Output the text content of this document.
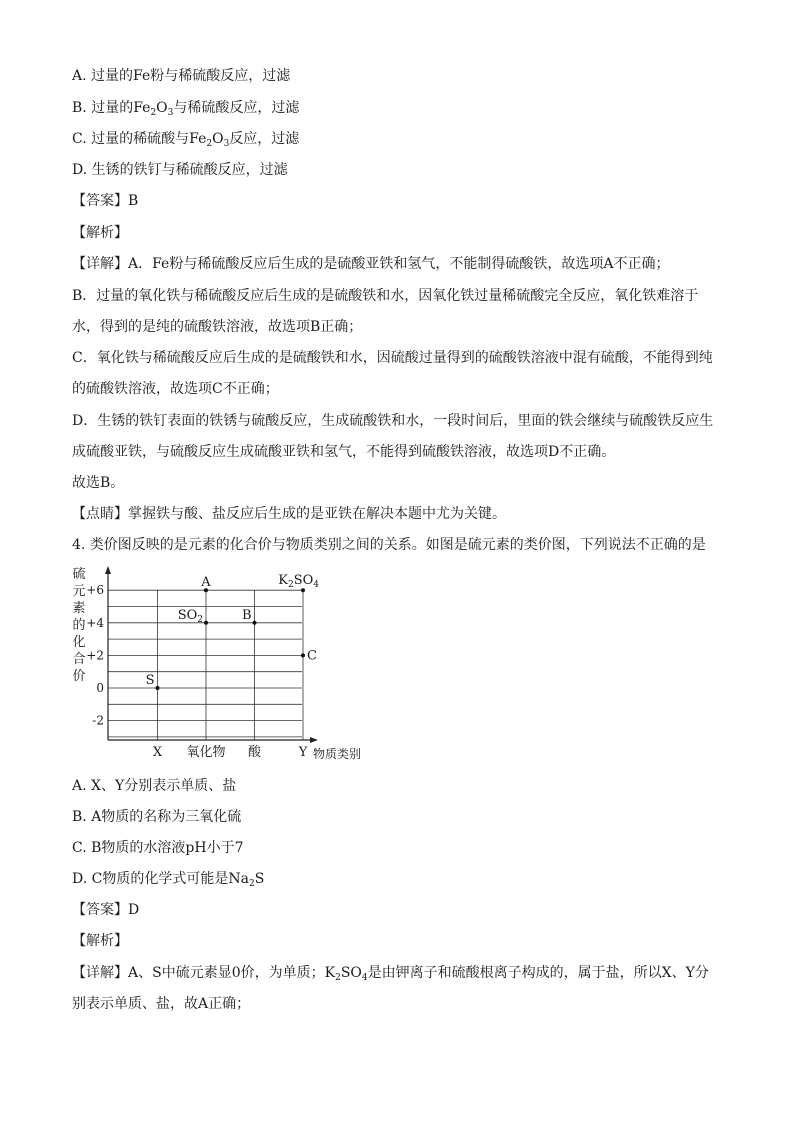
A. 过量的Fe粉与稀硫酸反应，过滤
B. 过量的$Fe_2O_3$与稀硫酸反应，过滤
C. 过量的稀硫酸与$Fe_2O_3$反应，过滤
D. 生锈的铁钉与稀硫酸反应，过滤
【答案】B
【解析】
【详解】A．Fe粉与稀硫酸反应后生成的是硫酸亚铁和氢气，不能制得硫酸铁，故选项A不正确；
B．过量的氧化铁与稀硫酸反应后生成的是硫酸铁和水，因氧化铁过量稀硫酸完全反应，氧化铁难溶于
水，得到的是纯的硫酸铁溶液，故选项B正确；
C．氧化铁与稀硫酸反应后生成的是硫酸铁和水，因硫酸过量得到的硫酸铁溶液中混有硫酸，不能得到纯
的硫酸铁溶液，故选项C不正确；
D．生锈的铁钉表面的铁锈与硫酸反应，生成硫酸铁和水，一段时间后，里面的铁会继续与硫酸铁反应生
成硫酸亚铁，与硫酸反应生成硫酸亚铁和氢气，不能得到硫酸铁溶液，故选项D不正确。
故选B。
【点睛】掌握铁与酸、盐反应后生成的是亚铁在解决本题中尤为关键。
4. 类价图反映的是元素的化合价与物质类别之间的关系。如图是硫元素的类价图，下列说法不正确的是
硫
元
素
的
化
合
价
+6
+4
+2
0
-2
X 氧化物 酸	Y 物质类别
S
A
$SO_2$	B
$K_2SO_4$
C
A. X、Y分别表示单质、盐
B. A物质的名称为三氧化硫
C. B物质的水溶液pH小于7
D. C物质的化学式可能是$Na_2S$
【答案】D
【解析】
【详解】A、S中硫元素显0价，为单质；$K_2SO_4$是由钾离子和硫酸根离子构成的，属于盐，所以X、Y分
别表示单质、盐，故A正确；
